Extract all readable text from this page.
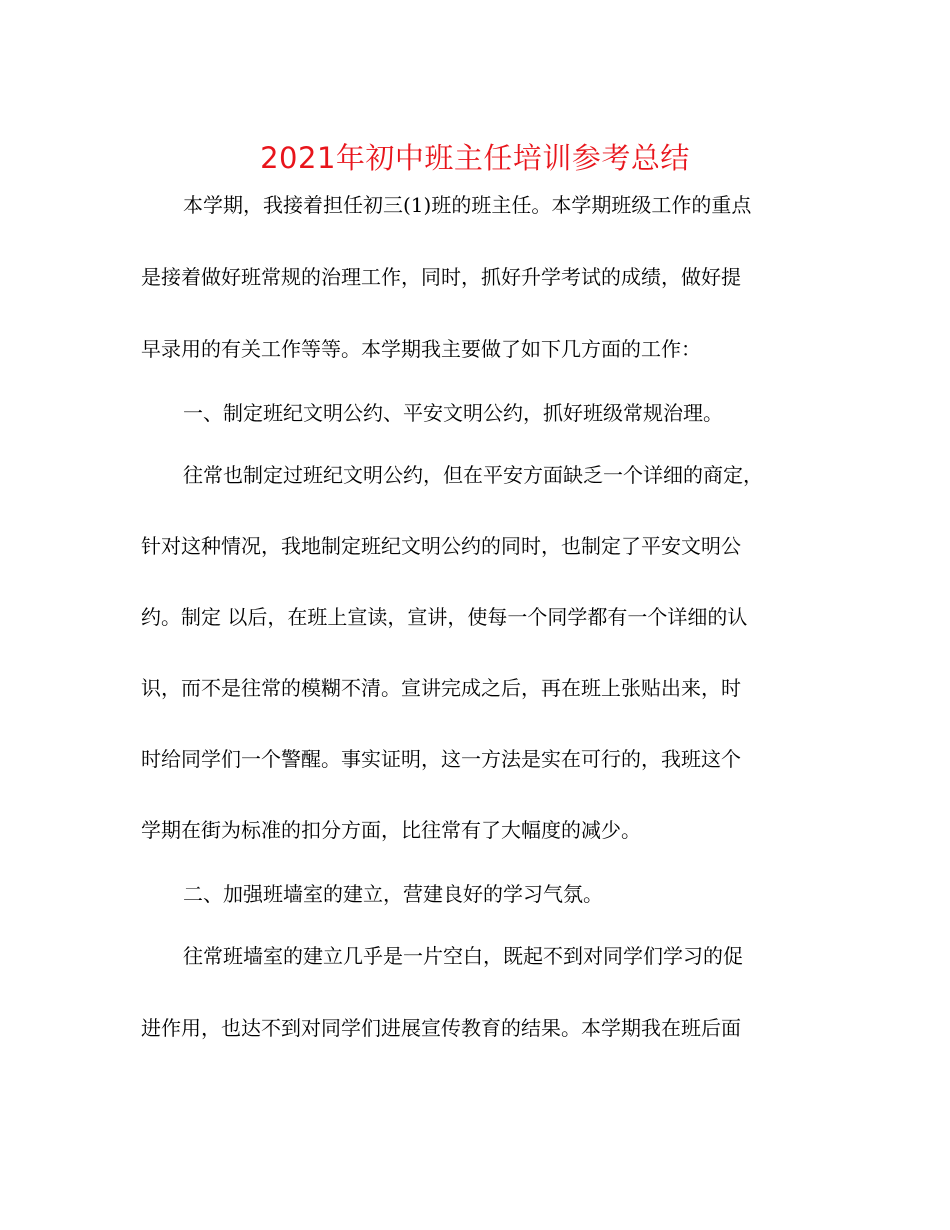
2021年初中班主任培训参考总结
本学期，我接着担任初三(1)班的班主任。本学期班级工作的重点
是接着做好班常规的治理工作，同时，抓好升学考试的成绩，做好提
早录用的有关工作等等。本学期我主要做了如下几方面的工作：
一、制定班纪文明公约、平安文明公约，抓好班级常规治理。
往常也制定过班纪文明公约，但在平安方面缺乏一个详细的商定，
针对这种情况，我地制定班纪文明公约的同时，也制定了平安文明公
约。制定 以后，在班上宣读，宣讲，使每一个同学都有一个详细的认
识，而不是往常的模糊不清。宣讲完成之后，再在班上张贴出来，时
时给同学们一个警醒。事实证明，这一方法是实在可行的，我班这个
学期在街为标准的扣分方面，比往常有了大幅度的减少。
二、加强班墙室的建立，营建良好的学习气氛。
往常班墙室的建立几乎是一片空白，既起不到对同学们学习的促
进作用，也达不到对同学们进展宣传教育的结果。本学期我在班后面
